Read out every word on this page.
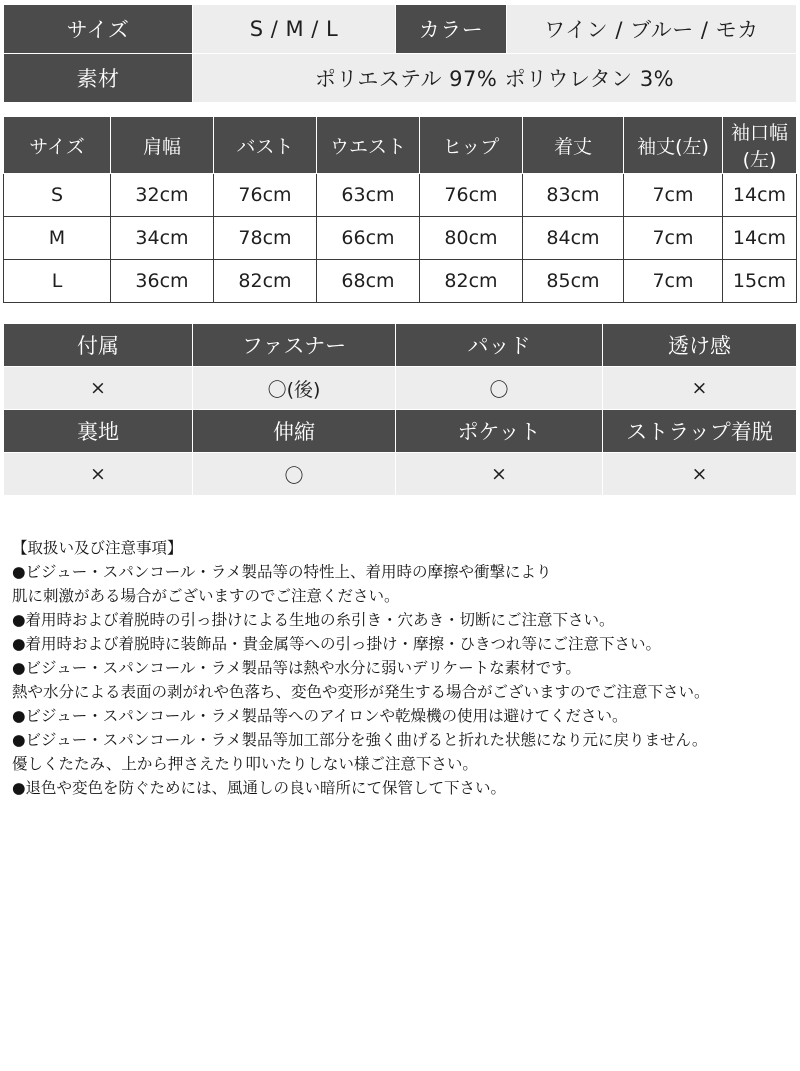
サイズ	S / M / L	カラー	ワイン / ブルー / モカ
素材	ポリエステル 97% ポリウレタン 3%		
サイズ	肩幅	バスト	ウエスト	ヒップ	着丈	袖丈(左)	袖口幅(左)
S	32cm	76cm	63cm	76cm	83cm	7cm	14cm
M	34cm	78cm	66cm	80cm	84cm	7cm	14cm
L	36cm	82cm	68cm	82cm	85cm	7cm	15cm
付属	ファスナー	パッド	透け感
×	〇(後)	〇	×
裏地	伸縮	ポケット	ストラップ着脱
×	〇	×	×
【取扱い及び注意事項】
●ビジュー・スパンコール・ラメ製品等の特性上、着用時の摩擦や衝撃により
肌に刺激がある場合がございますのでご注意ください。
●着用時および着脱時の引っ掛けによる生地の糸引き・穴あき・切断にご注意下さい。
●着用時および着脱時に装飾品・貴金属等への引っ掛け・摩擦・ひきつれ等にご注意下さい。
●ビジュー・スパンコール・ラメ製品等は熱や水分に弱いデリケートな素材です。
熱や水分による表面の剥がれや色落ち、変色や変形が発生する場合がございますのでご注意下さい。
●ビジュー・スパンコール・ラメ製品等へのアイロンや乾燥機の使用は避けてください。
●ビジュー・スパンコール・ラメ製品等加工部分を強く曲げると折れた状態になり元に戻りません。
優しくたたみ、上から押さえたり叩いたりしない様ご注意下さい。
●退色や変色を防ぐためには、風通しの良い暗所にて保管して下さい。
